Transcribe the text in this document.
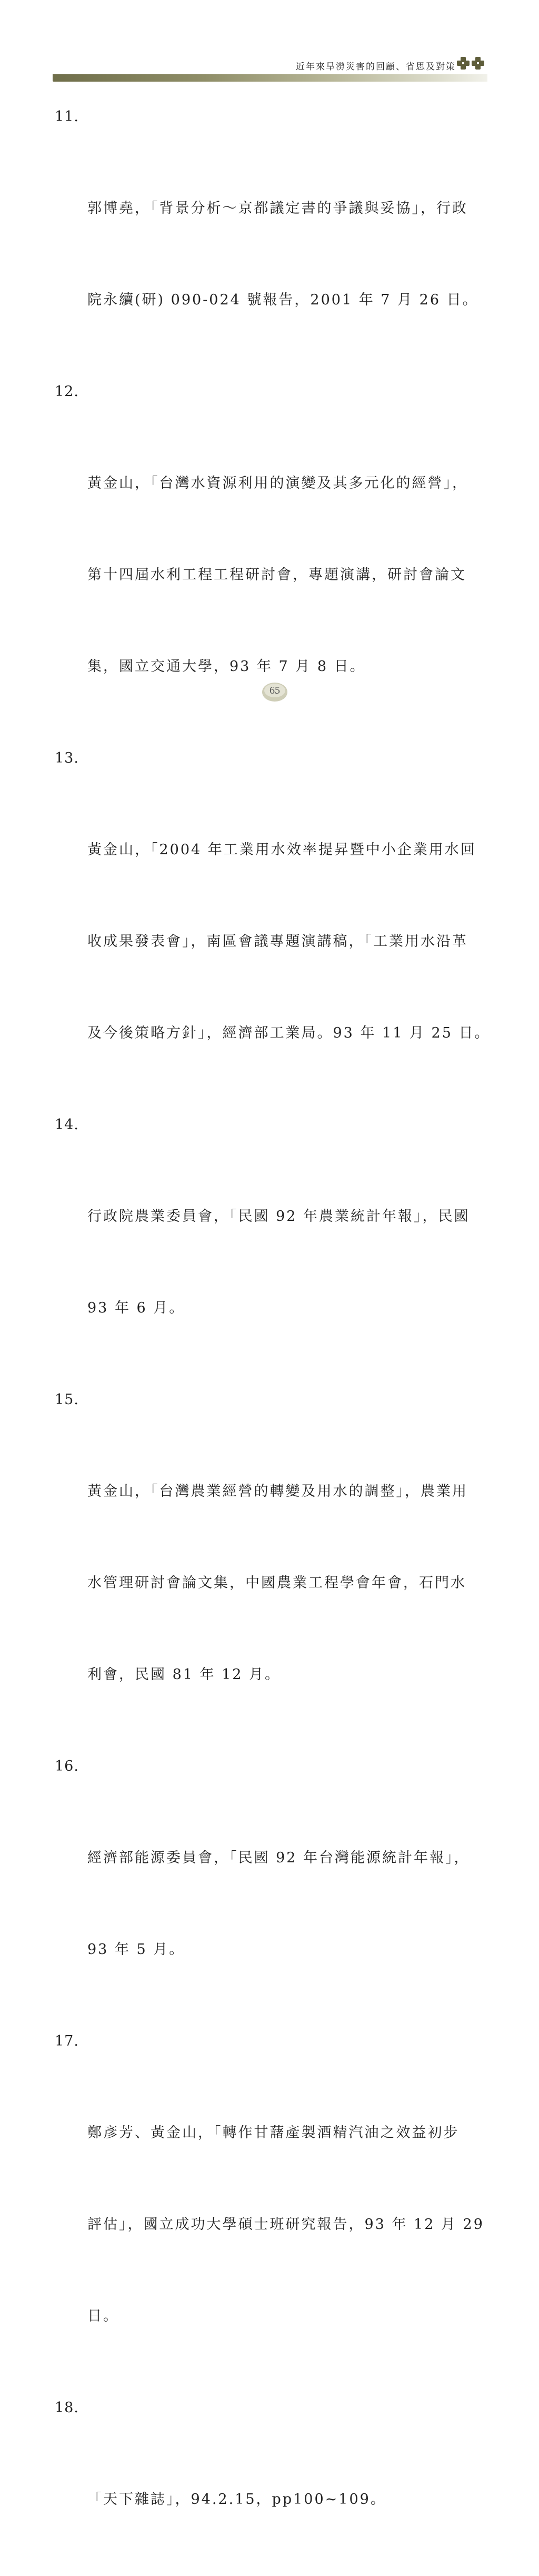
近年來旱澇災害的回顧、省思及對策

11.

郭博堯，「背景分析～京都議定書的爭議與妥協」，行政

院永續(研) 090-024 號報告，2001 年 7 月 26 日。

12.

黃金山，「台灣水資源利用的演變及其多元化的經營」，

第十四屆水利工程工程研討會，專題演講，研討會論文

集，國立交通大學，93 年 7 月 8 日。

13.

黃金山，「2004 年工業用水效率提昇暨中小企業用水回

收成果發表會」，南區會議專題演講稿，「工業用水沿革

及今後策略方針」，經濟部工業局。93 年 11 月 25 日。

14.

行政院農業委員會，「民國 92 年農業統計年報」，民國

93 年 6 月。

15.

黃金山，「台灣農業經營的轉變及用水的調整」，農業用

水管理研討會論文集，中國農業工程學會年會，石門水

利會，民國 81 年 12 月。

16.

經濟部能源委員會，「民國 92 年台灣能源統計年報」，

93 年 5 月。

17.

鄭彥芳、黃金山，「轉作甘藷產製酒精汽油之效益初步

評估」，國立成功大學碩士班研究報告，93 年 12 月 29

日。

18.

「天下雜誌」，94.2.15，pp100~109。

65
